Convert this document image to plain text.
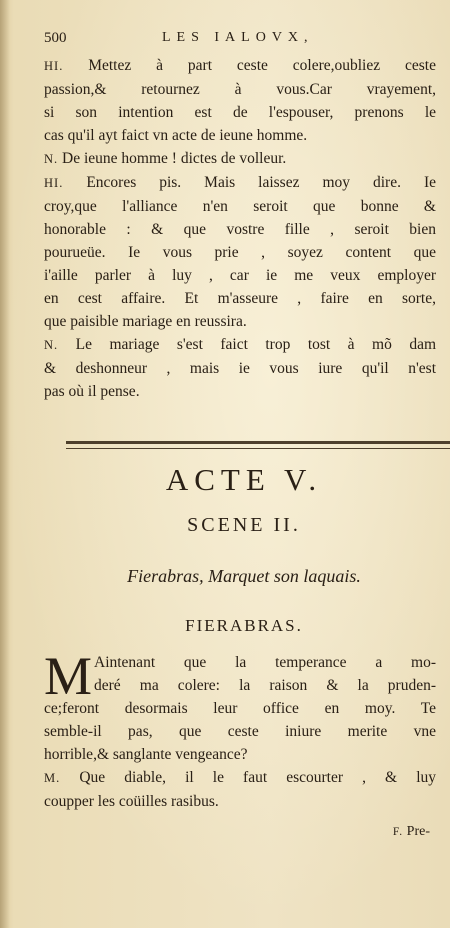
500	LES IALOVX,
HI. Mettez à part ceste colere,oubliez ceste
passion,& retournez à vous.Car vrayement,
si son intention est de l'espouser, prenons le
cas qu'il ayt faict vn acte de ieune homme.
N. De ieune homme ! dictes de volleur.
HI. Encores pis. Mais laissez moy dire. Ie
croy,que l'alliance n'en seroit que bonne &
honorable : & que vostre fille , seroit bien
pourueüe. Ie vous prie , soyez content que
i'aille parler à luy , car ie me veux employer
en cest affaire. Et m'asseure , faire en sorte,
que paisible mariage en reussira.
N. Le mariage s'est faict trop tost à mõ dam
& deshonneur , mais ie vous iure qu'il n'est
pas où il pense.
ACTE V.
SCENE II.
Fierabras, Marquet son laquais.
FIERABRAS.
M Aintenant que la temperance a mo-
deré ma colere: la raison & la pruden-
ce;feront desormais leur office en moy. Te
semble-il pas, que ceste iniure merite vne
horrible,& sanglante vengeance?
M. Que diable, il le faut escourter , & luy
coupper les coüilles rasibus.
F. Pre-
